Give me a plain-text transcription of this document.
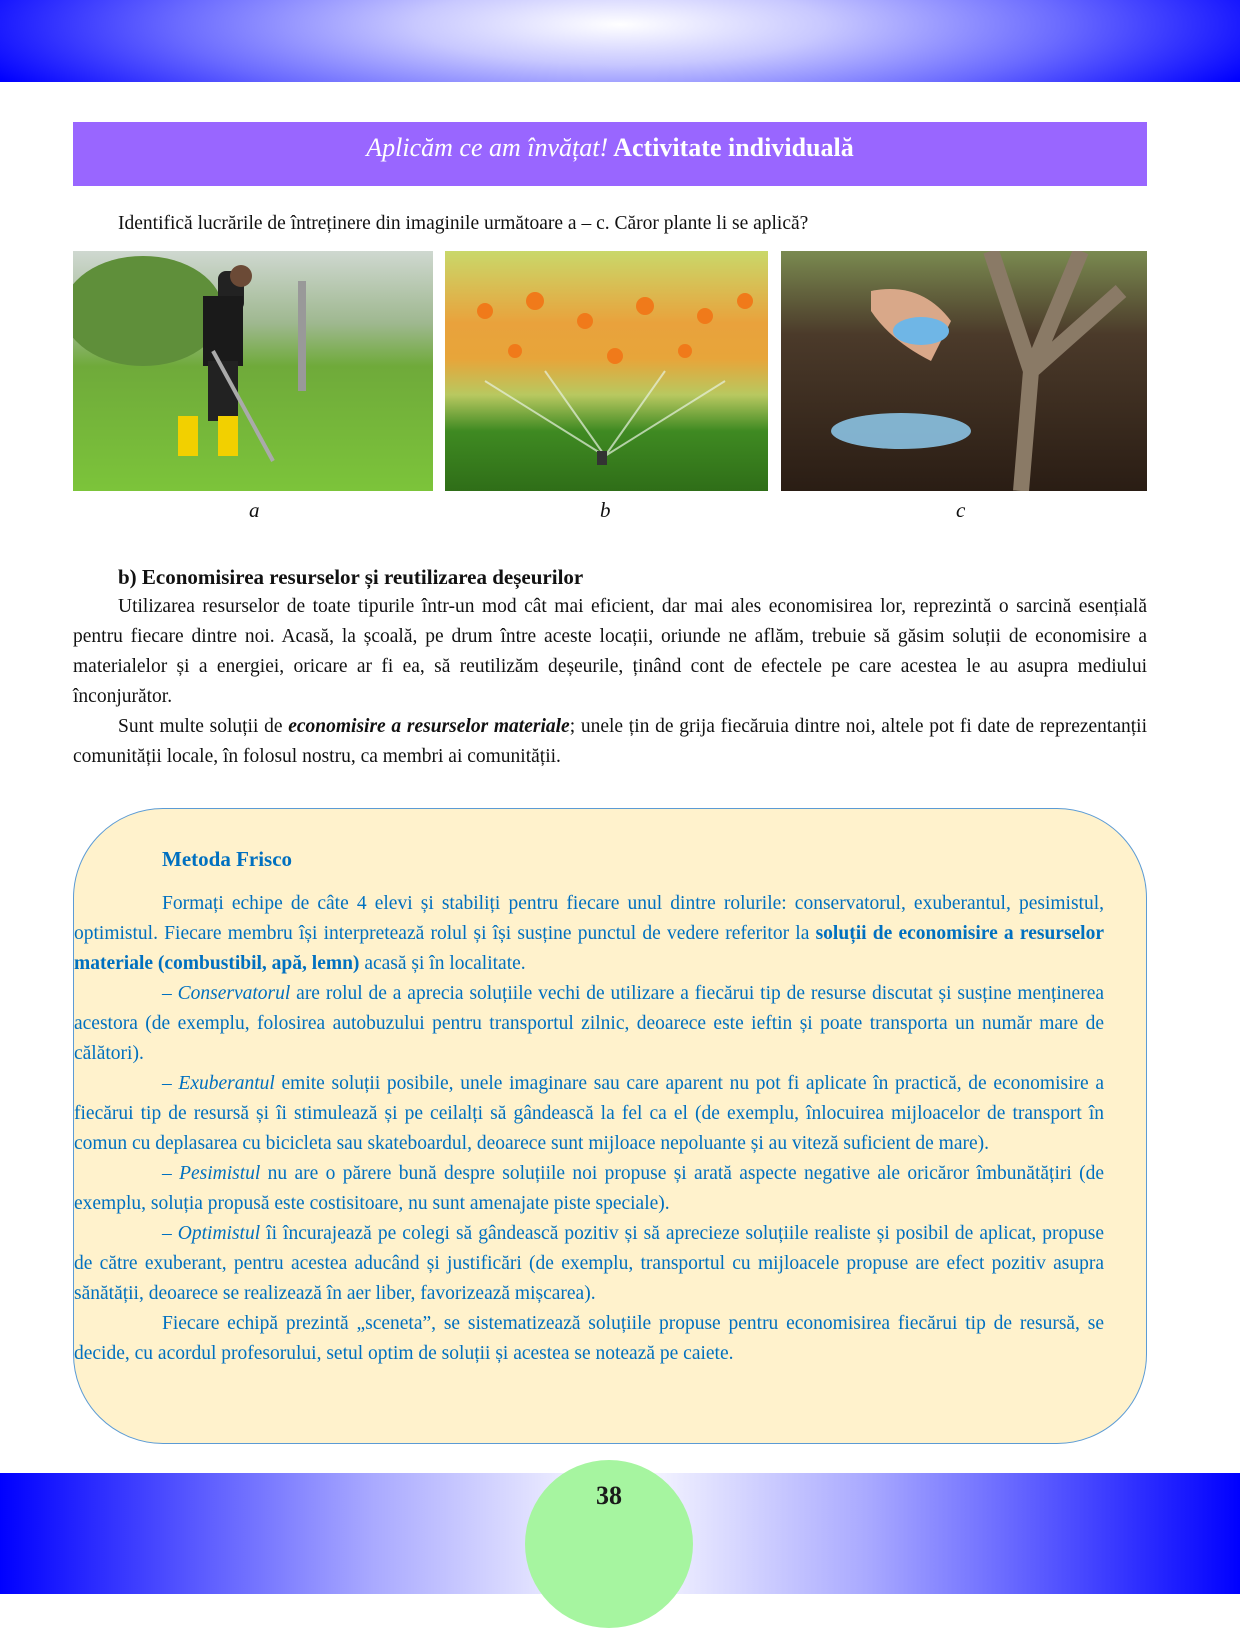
Aplicăm ce am învățat! Activitate individuală
Identifică lucrările de întreținere din imaginile următoare a – c. Căror plante li se aplică?
a	b	c
b) Economisirea resurselor și reutilizarea deșeurilor
Utilizarea resurselor de toate tipurile într-un mod cât mai eficient, dar mai ales economisirea lor, reprezintă o sarcină esențială pentru fiecare dintre noi. Acasă, la școală, pe drum între aceste locații, oriunde ne aflăm, trebuie să găsim soluții de economisire a materialelor și a energiei, oricare ar fi ea, să reutilizăm deșeurile, ținând cont de efectele pe care acestea le au asupra mediului înconjurător.
Sunt multe soluții de economisire a resurselor materiale; unele țin de grija fiecăruia dintre noi, altele pot fi date de reprezentanții comunității locale, în folosul nostru, ca membri ai comunității.
Metoda Frisco
Formați echipe de câte 4 elevi și stabiliți pentru fiecare unul dintre rolurile: conservatorul, exuberantul, pesimistul, optimistul. Fiecare membru își interpretează rolul și își susține punctul de vedere referitor la soluții de economisire a resurselor materiale (combustibil, apă, lemn) acasă și în localitate.
– Conservatorul are rolul de a aprecia soluțiile vechi de utilizare a fiecărui tip de resurse discutat și susține menținerea acestora (de exemplu, folosirea autobuzului pentru transportul zilnic, deoarece este ieftin și poate transporta un număr mare de călători).
– Exuberantul emite soluții posibile, unele imaginare sau care aparent nu pot fi aplicate în practică, de economisire a fiecărui tip de resursă și îi stimulează și pe ceilalți să gândească la fel ca el (de exemplu, înlocuirea mijloacelor de transport în comun cu deplasarea cu bicicleta sau skateboardul, deoarece sunt mijloace nepoluante și au viteză suficient de mare).
– Pesimistul nu are o părere bună despre soluțiile noi propuse și arată aspecte negative ale oricăror îmbunătățiri (de exemplu, soluția propusă este costisitoare, nu sunt amenajate piste speciale).
– Optimistul îi încurajează pe colegi să gândească pozitiv și să aprecieze soluțiile realiste și posibil de aplicat, propuse de către exuberant, pentru acestea aducând și justificări (de exemplu, transportul cu mijloacele propuse are efect pozitiv asupra sănătății, deoarece se realizează în aer liber, favorizează mișcarea).
Fiecare echipă prezintă „sceneta”, se sistematizează soluțiile propuse pentru economisirea fiecărui tip de resursă, se decide, cu acordul profesorului, setul optim de soluții și acestea se notează pe caiete.
38
